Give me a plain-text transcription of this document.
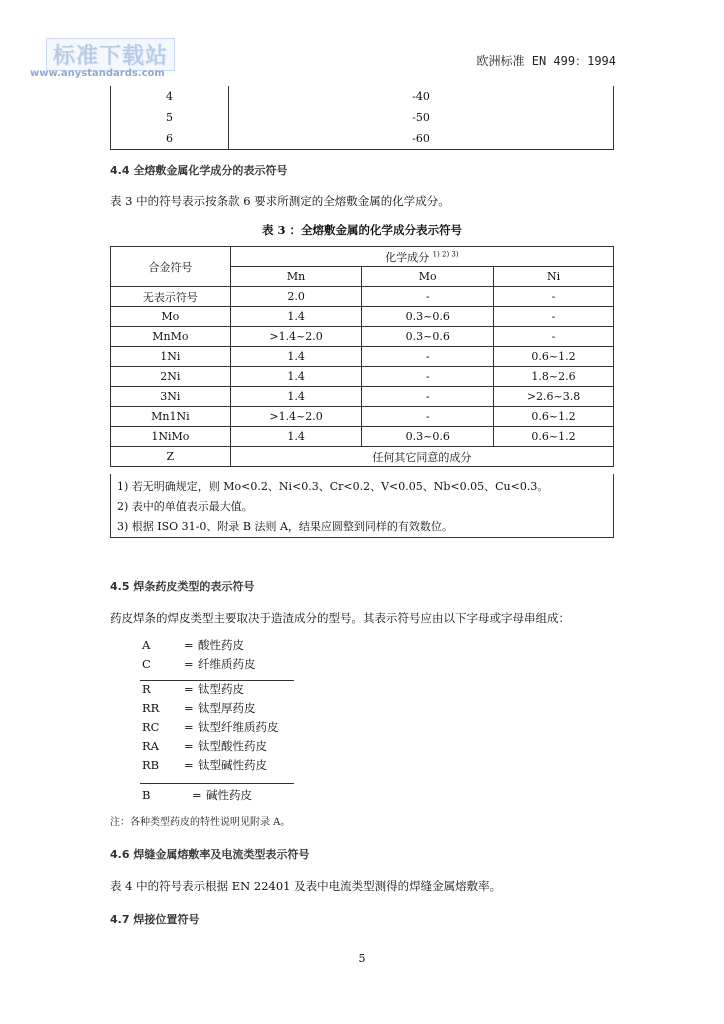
标准下载站
www.anystandards.com
欧洲标准 EN 499：1994
4	-40
5	-50
6	-60
4.4 全熔敷金属化学成分的表示符号
表 3 中的符号表示按条款 6 要求所测定的全熔敷金属的化学成分。
表 3 ：全熔敷金属的化学成分表示符号
合金符号	化学成分 $^{1) 2) 3)}$
	Mn	Mo	Ni
无表示符号	2.0	-	-
Mo	1.4	0.3~0.6	-
MnMo	>1.4~2.0	0.3~0.6	-
1Ni	1.4	-	0.6~1.2
2Ni	1.4	-	1.8~2.6
3Ni	1.4	-	>2.6~3.8
Mn1Ni	>1.4~2.0	-	0.6~1.2
1NiMo	1.4	0.3~0.6	0.6~1.2
Z	任何其它同意的成分		
1) 若无明确规定，则 Mo<0.2、Ni<0.3、Cr<0.2、V<0.05、Nb<0.05、Cu<0.3。
2) 表中的单值表示最大值。
3) 根据 ISO 31-0、附录 B 法则 A，结果应圆整到同样的有效数位。
4.5 焊条药皮类型的表示符号
药皮焊条的焊皮类型主要取决于造渣成分的型号。其表示符号应由以下字母或字母串组成：
A	= 酸性药皮
C	= 纤维质药皮
R	= 钛型药皮
RR = 钛型厚药皮
RC = 钛型纤维质药皮
RA = 钛型酸性药皮
RB = 钛型碱性药皮
B	= 碱性药皮
注：各种类型药皮的特性说明见附录 A。
4.6 焊缝金属熔敷率及电流类型表示符号
表 4 中的符号表示根据 EN 22401 及表中电流类型测得的焊缝金属熔敷率。
4.7 焊接位置符号
5
